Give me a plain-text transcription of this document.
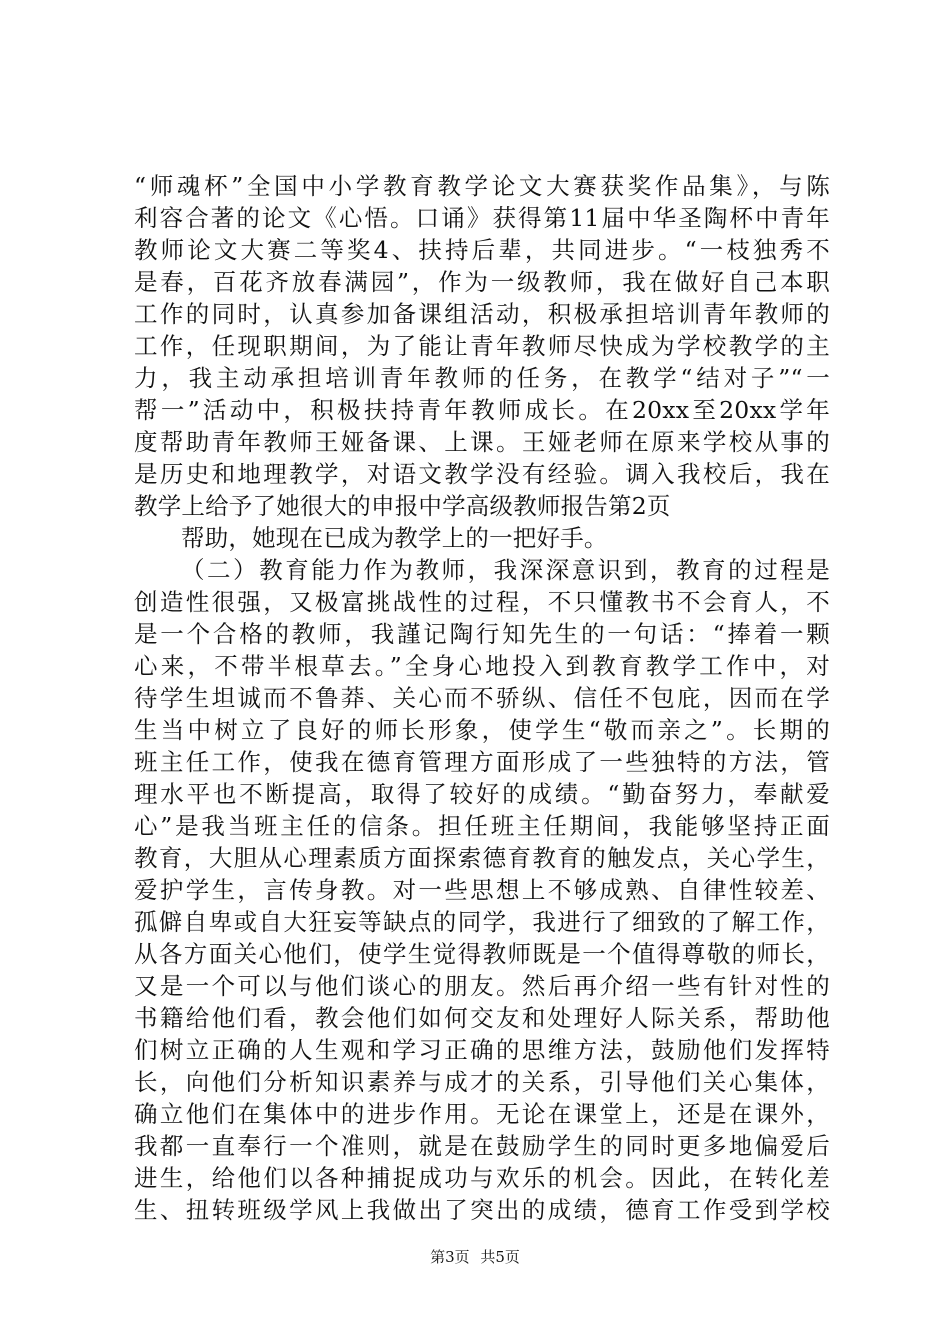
“师魂杯”全国中小学教育教学论文大赛获奖作品集》，与陈
利容合著的论文《心悟。口诵》获得第11届中华圣陶杯中青年
教师论文大赛二等奖4、扶持后辈，共同进步。“一枝独秀不
是春，百花齐放春满园”，作为一级教师，我在做好自己本职
工作的同时，认真参加备课组活动，积极承担培训青年教师的
工作，任现职期间，为了能让青年教师尽快成为学校教学的主
力，我主动承担培训青年教师的任务，在教学“结对子”“一
帮一”活动中，积极扶持青年教师成长。在20xx至20xx学年
度帮助青年教师王娅备课、上课。王娅老师在原来学校从事的
是历史和地理教学，对语文教学没有经验。调入我校后，我在
教学上给予了她很大的申报中学高级教师报告第2页
帮助，她现在已成为教学上的一把好手。
（二）教育能力作为教师，我深深意识到，教育的过程是
创造性很强，又极富挑战性的过程，不只懂教书不会育人，不
是一个合格的教师，我謹记陶行知先生的一句话：“捧着一颗
心来，不带半根草去。”全身心地投入到教育教学工作中，对
待学生坦诚而不鲁莽、关心而不骄纵、信任不包庇，因而在学
生当中树立了良好的师长形象，使学生“敬而亲之”。长期的
班主任工作，使我在德育管理方面形成了一些独特的方法，管
理水平也不断提高，取得了较好的成绩。“勤奋努力，奉献爱
心”是我当班主任的信条。担任班主任期间，我能够坚持正面
教育，大胆从心理素质方面探索德育教育的触发点，关心学生，
爱护学生，言传身教。对一些思想上不够成熟、自律性较差、
孤僻自卑或自大狂妄等缺点的同学，我进行了细致的了解工作，
从各方面关心他们，使学生觉得教师既是一个值得尊敬的师长，
又是一个可以与他们谈心的朋友。然后再介绍一些有针对性的
书籍给他们看，教会他们如何交友和处理好人际关系，帮助他
们树立正确的人生观和学习正确的思维方法，鼓励他们发挥特
长，向他们分析知识素养与成才的关系，引导他们关心集体，
确立他们在集体中的进步作用。无论在课堂上，还是在课外，
我都一直奉行一个准则，就是在鼓励学生的同时更多地偏爱后
进生，给他们以各种捕捉成功与欢乐的机会。因此，在转化差
生、扭转班级学风上我做出了突出的成绩，德育工作受到学校
第3页 共5页
